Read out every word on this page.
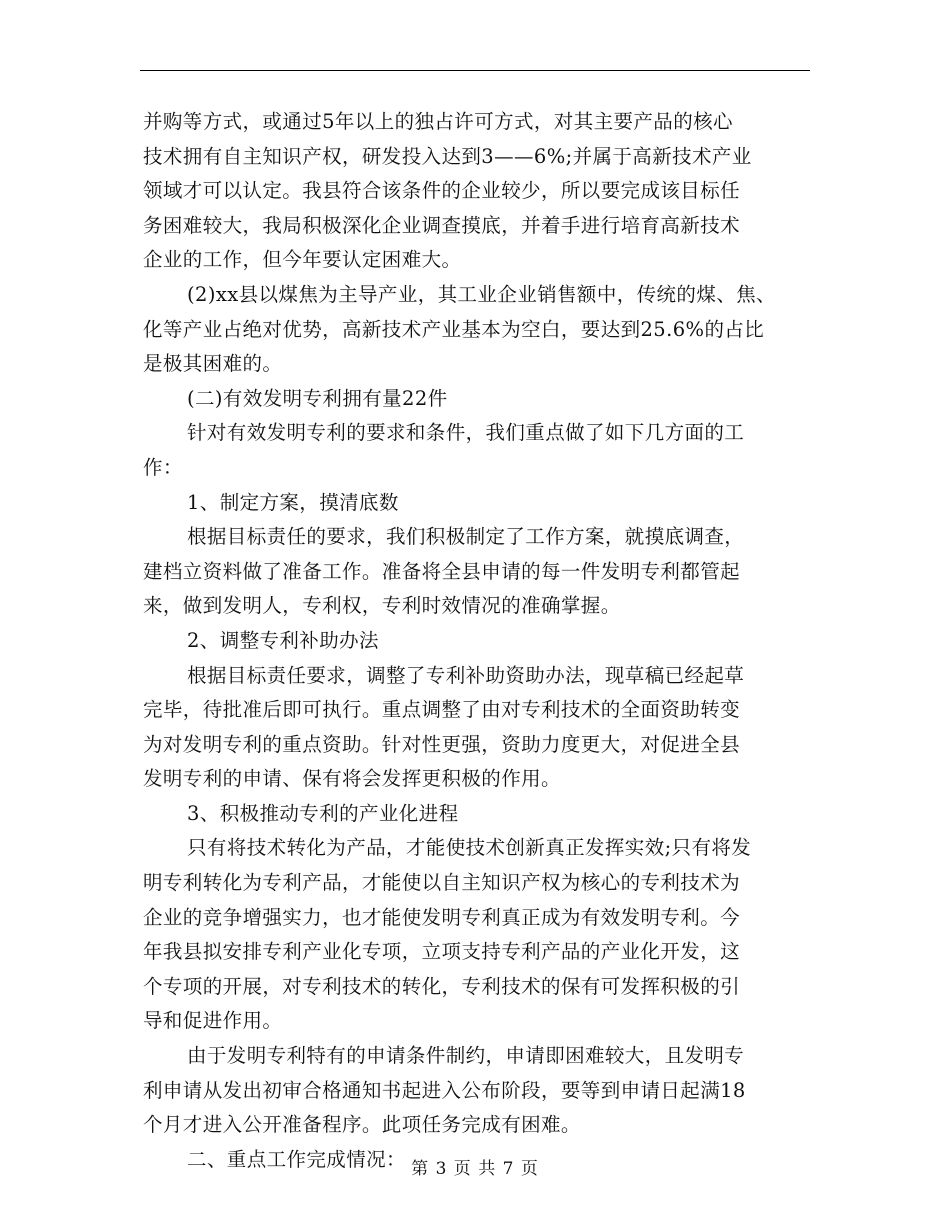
并购等方式，或通过5年以上的独占许可方式，对其主要产品的核心
技术拥有自主知识产权，研发投入达到3——6%;并属于高新技术产业
领域才可以认定。我县符合该条件的企业较少，所以要完成该目标任
务困难较大，我局积极深化企业调查摸底，并着手进行培育高新技术
企业的工作，但今年要认定困难大。
(2)xx县以煤焦为主导产业，其工业企业销售额中，传统的煤、焦、
化等产业占绝对优势，高新技术产业基本为空白，要达到25.6%的占比
是极其困难的。
(二)有效发明专利拥有量22件
针对有效发明专利的要求和条件，我们重点做了如下几方面的工
作：
1、制定方案，摸清底数
根据目标责任的要求，我们积极制定了工作方案，就摸底调查，
建档立资料做了准备工作。准备将全县申请的每一件发明专利都管起
来，做到发明人，专利权，专利时效情况的准确掌握。
2、调整专利补助办法
根据目标责任要求，调整了专利补助资助办法，现草稿已经起草
完毕，待批准后即可执行。重点调整了由对专利技术的全面资助转变
为对发明专利的重点资助。针对性更强，资助力度更大，对促进全县
发明专利的申请、保有将会发挥更积极的作用。
3、积极推动专利的产业化进程
只有将技术转化为产品，才能使技术创新真正发挥实效;只有将发
明专利转化为专利产品，才能使以自主知识产权为核心的专利技术为
企业的竞争增强实力，也才能使发明专利真正成为有效发明专利。今
年我县拟安排专利产业化专项，立项支持专利产品的产业化开发，这
个专项的开展，对专利技术的转化，专利技术的保有可发挥积极的引
导和促进作用。
由于发明专利特有的申请条件制约，申请即困难较大，且发明专
利申请从发出初审合格通知书起进入公布阶段，要等到申请日起满18
个月才进入公开准备程序。此项任务完成有困难。
二、重点工作完成情况： 第 3 页 共 7 页
